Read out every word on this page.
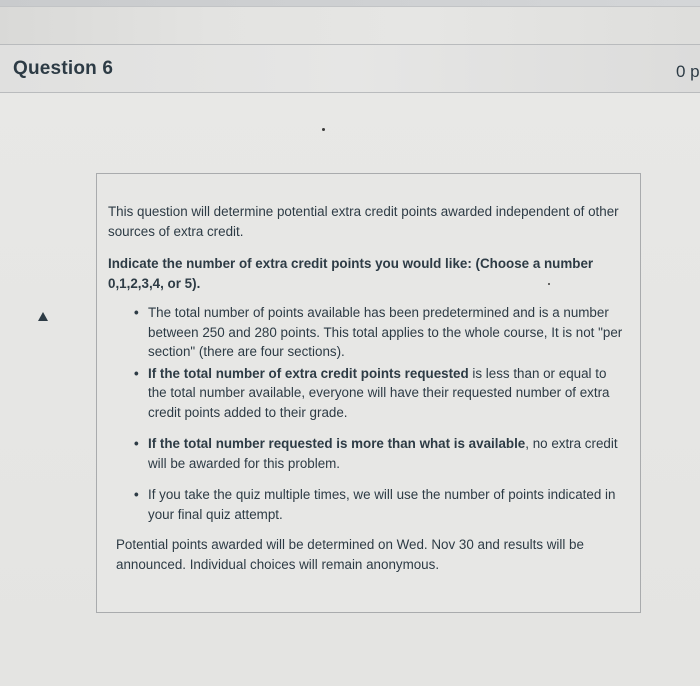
Question 6	0 p

This question will determine potential extra credit points awarded independent of other sources of extra credit.

Indicate the number of extra credit points you would like: (Choose a number 0,1,2,3,4, or 5).

• The total number of points available has been predetermined and is a number between 250 and 280 points. This total applies to the whole course, It is not "per section" (there are four sections).
• If the total number of extra credit points requested is less than or equal to the total number available, everyone will have their requested number of extra credit points added to their grade.
• If the total number requested is more than what is available, no extra credit will be awarded for this problem.
• If you take the quiz multiple times, we will use the number of points indicated in your final quiz attempt.

Potential points awarded will be determined on Wed. Nov 30 and results will be announced. Individual choices will remain anonymous.
